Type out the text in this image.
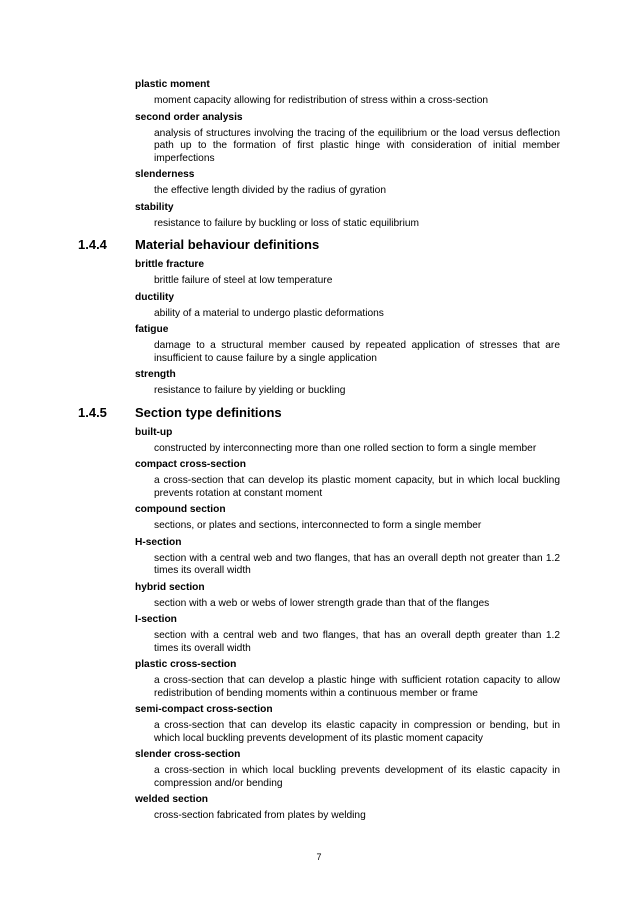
plastic moment
moment capacity allowing for redistribution of stress within a cross-section
second order analysis
analysis of structures involving the tracing of the equilibrium or the load versus deflection path up to the formation of first plastic hinge with consideration of initial member imperfections
slenderness
the effective length divided by the radius of gyration
stability
resistance to failure by buckling or loss of static equilibrium
1.4.4 Material behaviour definitions
brittle fracture
brittle failure of steel at low temperature
ductility
ability of a material to undergo plastic deformations
fatigue
damage to a structural member caused by repeated application of stresses that are insufficient to cause failure by a single application
strength
resistance to failure by yielding or buckling
1.4.5 Section type definitions
built-up
constructed by interconnecting more than one rolled section to form a single member
compact cross-section
a cross-section that can develop its plastic moment capacity, but in which local buckling prevents rotation at constant moment
compound section
sections, or plates and sections, interconnected to form a single member
H-section
section with a central web and two flanges, that has an overall depth not greater than 1.2 times its overall width
hybrid section
section with a web or webs of lower strength grade than that of the flanges
I-section
section with a central web and two flanges, that has an overall depth greater than 1.2 times its overall width
plastic cross-section
a cross-section that can develop a plastic hinge with sufficient rotation capacity to allow redistribution of bending moments within a continuous member or frame
semi-compact cross-section
a cross-section that can develop its elastic capacity in compression or bending, but in which local buckling prevents development of its plastic moment capacity
slender cross-section
a cross-section in which local buckling prevents development of its elastic capacity in compression and/or bending
welded section
cross-section fabricated from plates by welding
7
